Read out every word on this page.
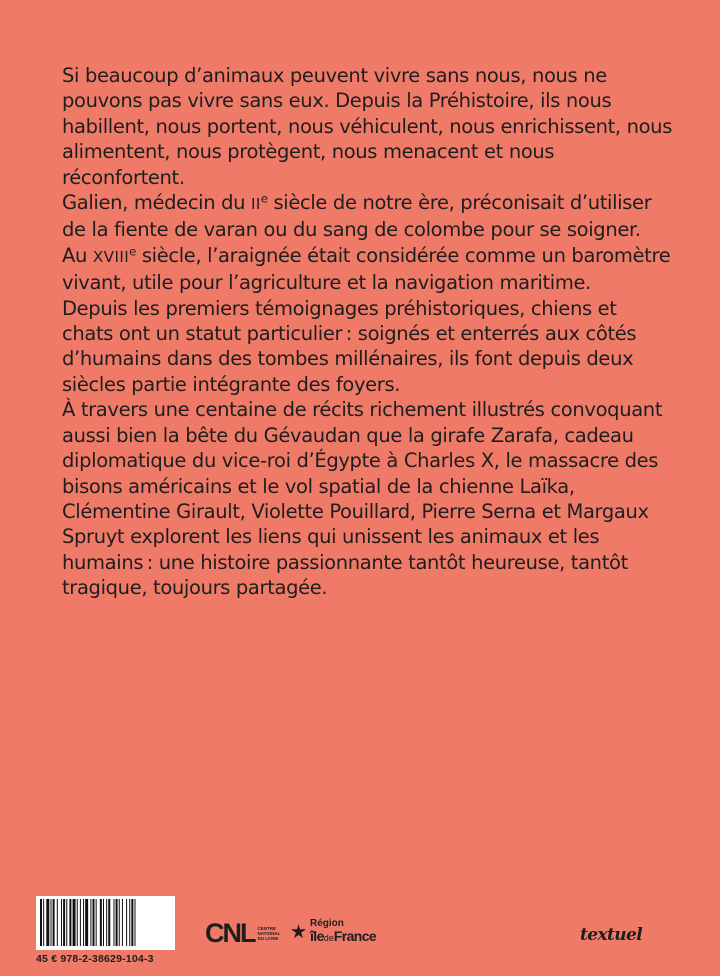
Si beaucoup d’animaux peuvent vivre sans nous, nous ne pouvons pas vivre sans eux. Depuis la Préhistoire, ils nous habillent, nous portent, nous véhiculent, nous enrichissent, nous alimentent, nous protègent, nous menacent et nous réconfortent.

Galien, médecin du IIe siècle de notre ère, préconisait d’utiliser de la fiente de varan ou du sang de colombe pour se soigner.

Au XVIIIe siècle, l’araignée était considérée comme un baromètre vivant, utile pour l’agriculture et la navigation maritime.

Depuis les premiers témoignages préhistoriques, chiens et chats ont un statut particulier : soignés et enterrés aux côtés d’humains dans des tombes millénaires, ils font depuis deux siècles partie intégrante des foyers.

À travers une centaine de récits richement illustrés convoquant aussi bien la bête du Gévaudan que la girafe Zarafa, cadeau diplomatique du vice-roi d’Égypte à Charles X, le massacre des bisons américains et le vol spatial de la chienne Laïka, Clémentine Girault, Violette Pouillard, Pierre Serna et Margaux Spruyt explorent les liens qui unissent les animaux et les humains : une histoire passionnante tantôt heureuse, tantôt tragique, toujours partagée.

45 € 978-2-38629-104-3
CNL CENTRE NATIONAL DU LIVRE
Région
îledeFrance	textuel
